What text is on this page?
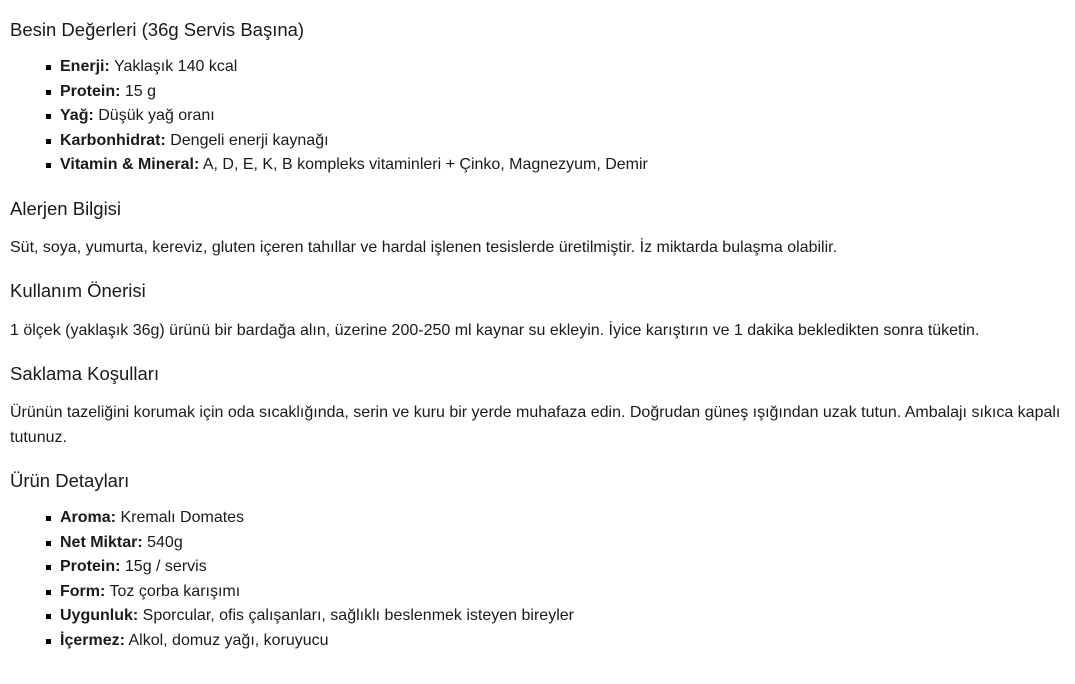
Besin Değerleri (36g Servis Başına)
Enerji: Yaklaşık 140 kcal
Protein: 15 g
Yağ: Düşük yağ oranı
Karbonhidrat: Dengeli enerji kaynağı
Vitamin & Mineral: A, D, E, K, B kompleks vitaminleri + Çinko, Magnezyum, Demir
Alerjen Bilgisi

Süt, soya, yumurta, kereviz, gluten içeren tahıllar ve hardal işlenen tesislerde üretilmiştir. İz miktarda bulaşma olabilir.

Kullanım Önerisi

1 ölçek (yaklaşık 36g) ürünü bir bardağa alın, üzerine 200-250 ml kaynar su ekleyin. İyice karıştırın ve 1 dakika bekledikten sonra tüketin.

Saklama Koşulları

Ürünün tazeliğini korumak için oda sıcaklığında, serin ve kuru bir yerde muhafaza edin. Doğrudan güneş ışığından uzak tutun. Ambalajı sıkıca kapalı tutunuz.

Ürün Detayları
Aroma: Kremalı Domates
Net Miktar: 540g
Protein: 15g / servis
Form: Toz çorba karışımı
Uygunluk: Sporcular, ofis çalışanları, sağlıklı beslenmek isteyen bireyler
İçermez: Alkol, domuz yağı, koruyucu
